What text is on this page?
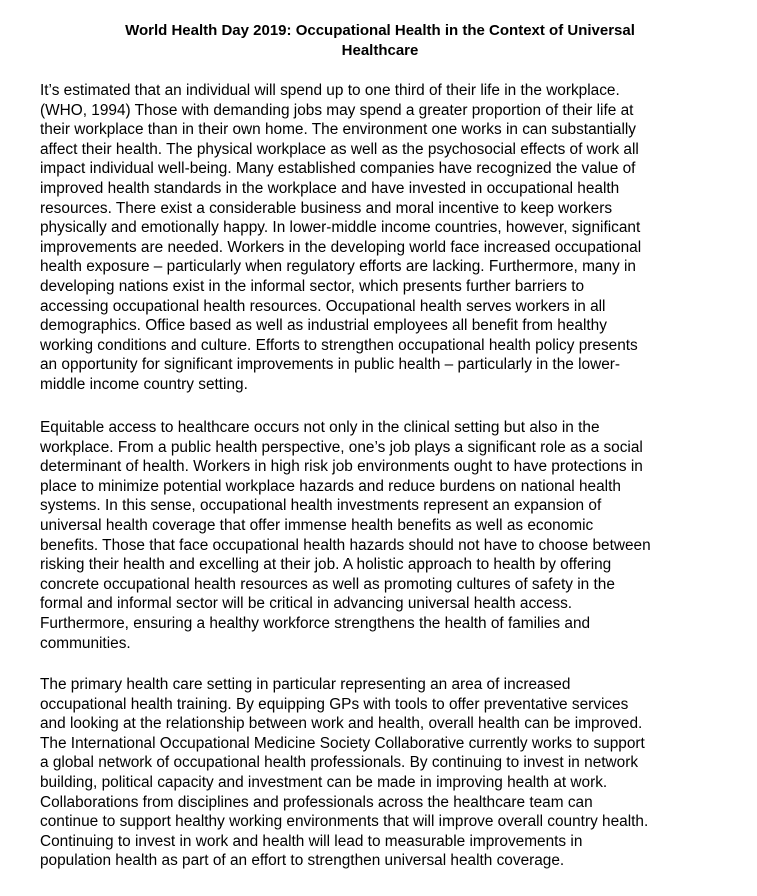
World Health Day 2019: Occupational Health in the Context of Universal
Healthcare

It’s estimated that an individual will spend up to one third of their life in the workplace.
(WHO, 1994) Those with demanding jobs may spend a greater proportion of their life at
their workplace than in their own home. The environment one works in can substantially
affect their health. The physical workplace as well as the psychosocial effects of work all
impact individual well-being. Many established companies have recognized the value of
improved health standards in the workplace and have invested in occupational health
resources. There exist a considerable business and moral incentive to keep workers
physically and emotionally happy. In lower-middle income countries, however, significant
improvements are needed. Workers in the developing world face increased occupational
health exposure – particularly when regulatory efforts are lacking. Furthermore, many in
developing nations exist in the informal sector, which presents further barriers to
accessing occupational health resources. Occupational health serves workers in all
demographics. Office based as well as industrial employees all benefit from healthy
working conditions and culture. Efforts to strengthen occupational health policy presents
an opportunity for significant improvements in public health – particularly in the lower-
middle income country setting.

Equitable access to healthcare occurs not only in the clinical setting but also in the
workplace. From a public health perspective, one’s job plays a significant role as a social
determinant of health. Workers in high risk job environments ought to have protections in
place to minimize potential workplace hazards and reduce burdens on national health
systems. In this sense, occupational health investments represent an expansion of
universal health coverage that offer immense health benefits as well as economic
benefits. Those that face occupational health hazards should not have to choose between
risking their health and excelling at their job. A holistic approach to health by offering
concrete occupational health resources as well as promoting cultures of safety in the
formal and informal sector will be critical in advancing universal health access.
Furthermore, ensuring a healthy workforce strengthens the health of families and
communities.

The primary health care setting in particular representing an area of increased
occupational health training. By equipping GPs with tools to offer preventative services
and looking at the relationship between work and health, overall health can be improved.
The International Occupational Medicine Society Collaborative currently works to support
a global network of occupational health professionals. By continuing to invest in network
building, political capacity and investment can be made in improving health at work.
Collaborations from disciplines and professionals across the healthcare team can
continue to support healthy working environments that will improve overall country health.
Continuing to invest in work and health will lead to measurable improvements in
population health as part of an effort to strengthen universal health coverage.
